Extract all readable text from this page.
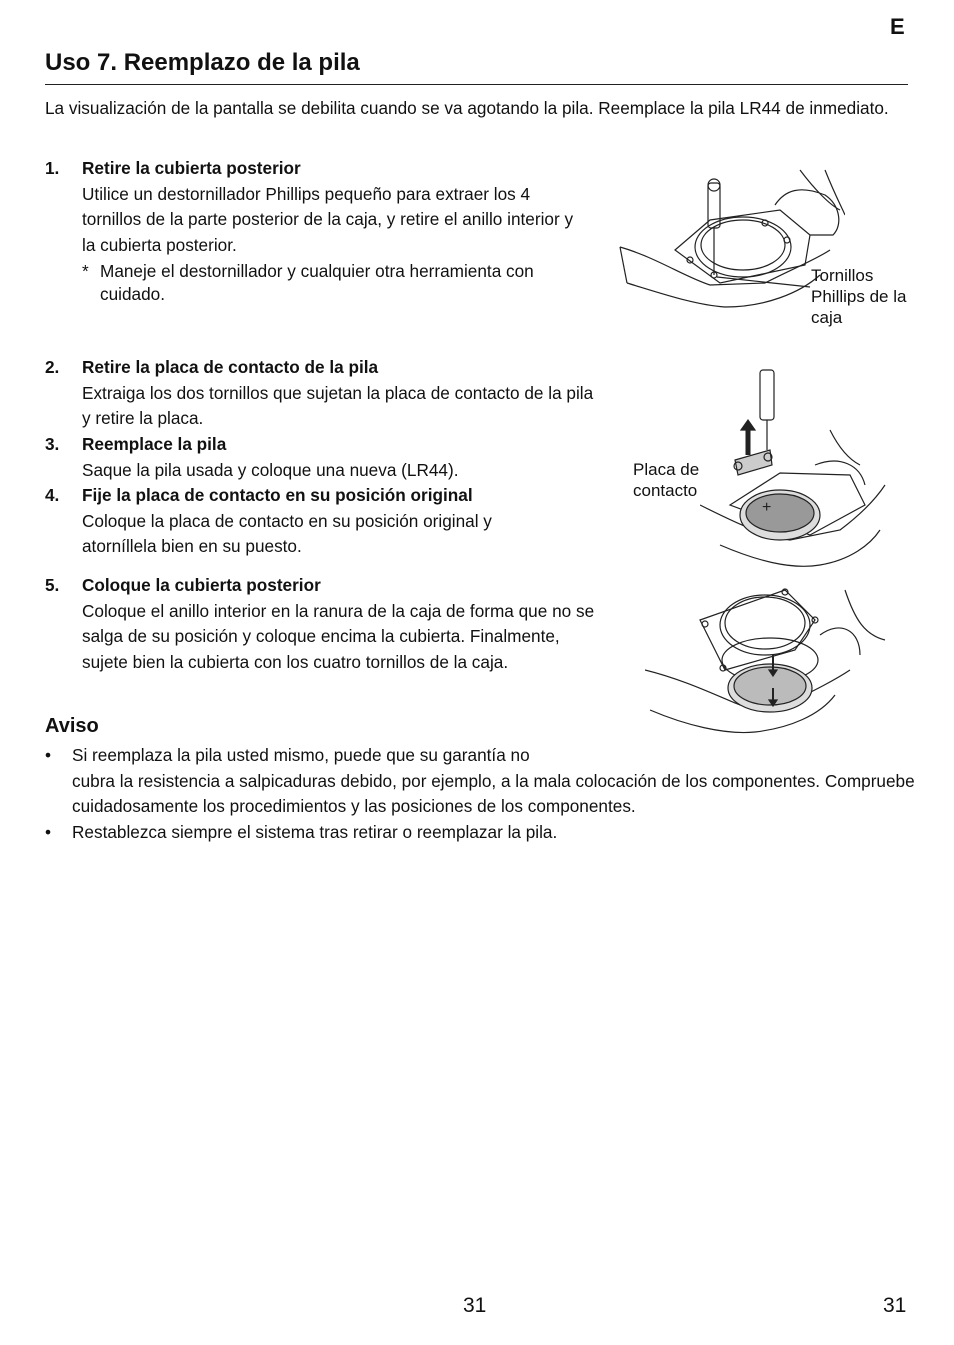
E
Uso 7. Reemplazo de la pila
La visualización de la pantalla se debilita cuando se va agotando la pila. Reemplace la pila LR44 de inmediato.
1. Retire la cubierta posterior
Utilice un destornillador Phillips pequeño para extraer los 4 tornillos de la parte posterior de la caja, y retire el anillo interior y la cubierta posterior.
* Maneje el destornillador y cualquier otra herramienta con cuidado.
2. Retire la placa de contacto de la pila
Extraiga los dos tornillos que sujetan la placa de contacto de la pila y retire la placa.
3. Reemplace la pila
Saque la pila usada y coloque una nueva (LR44).
4. Fije la placa de contacto en su posición original
Coloque la placa de contacto en su posición original y atorníllela bien en su puesto.
5. Coloque la cubierta posterior
Coloque el anillo interior en la ranura de la caja de forma que no se salga de su posición y coloque encima la cubierta. Finalmente, sujete bien la cubierta con los cuatro tornillos de la caja.
Aviso
• Si reemplaza la pila usted mismo, puede que su garantía no
cubra la resistencia a salpicaduras debido, por ejemplo, a la mala colocación de los componentes. Compruebe cuidadosamente los procedimientos y las posiciones de los componentes.
• Restablezca siempre el sistema tras retirar o reemplazar la pila.
Tornillos Phillips de la caja
+
Placa de contacto
31	31
